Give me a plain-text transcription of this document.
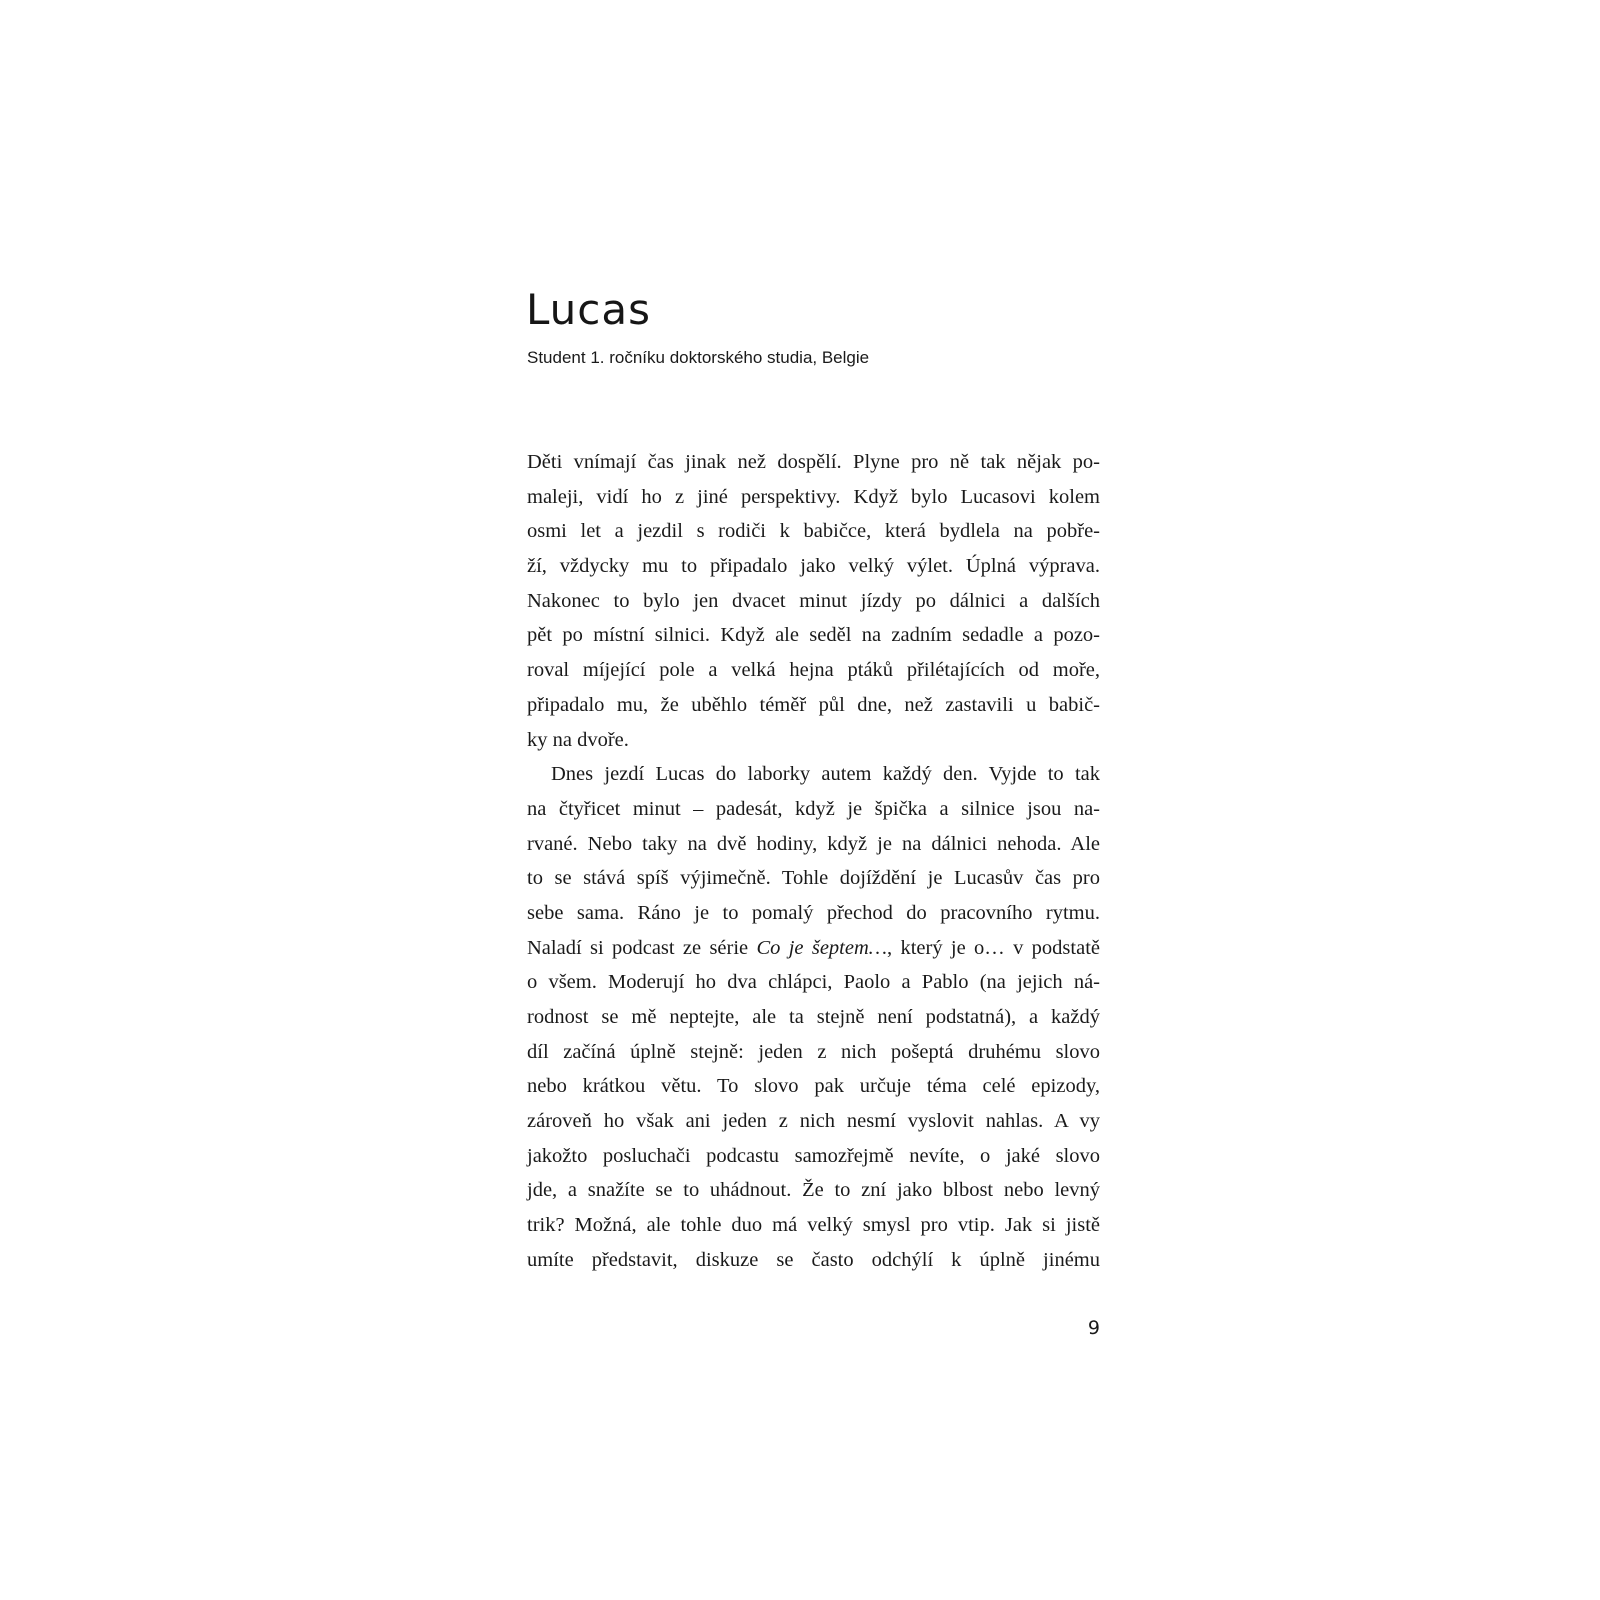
Lucas

Student 1. ročníku doktorského studia, Belgie

Děti vnímají čas jinak než dospělí. Plyne pro ně tak nějak po-
maleji, vidí ho z jiné perspektivy. Když bylo Lucasovi kolem
osmi let a jezdil s rodiči k babičce, která bydlela na pobře-
ží, vždycky mu to připadalo jako velký výlet. Úplná výprava.
Nakonec to bylo jen dvacet minut jízdy po dálnici a dalších
pět po místní silnici. Když ale seděl na zadním sedadle a pozo-
roval míjející pole a velká hejna ptáků přilétajících od moře,
připadalo mu, že uběhlo téměř půl dne, než zastavili u babič-
ky na dvoře.

Dnes jezdí Lucas do laborky autem každý den. Vyjde to tak
na čtyřicet minut – padesát, když je špička a silnice jsou na-
rvané. Nebo taky na dvě hodiny, když je na dálnici nehoda. Ale
to se stává spíš výjimečně. Tohle dojíždění je Lucasův čas pro
sebe sama. Ráno je to pomalý přechod do pracovního rytmu.
Naladí si podcast ze série Co je šeptem…, který je o… v podstatě
o všem. Moderují ho dva chlápci, Paolo a Pablo (na jejich ná-
rodnost se mě neptejte, ale ta stejně není podstatná), a každý
díl začíná úplně stejně: jeden z nich pošeptá druhému slovo
nebo krátkou větu. To slovo pak určuje téma celé epizody,
zároveň ho však ani jeden z nich nesmí vyslovit nahlas. A vy
jakožto posluchači podcastu samozřejmě nevíte, o jaké slovo
jde, a snažíte se to uhádnout. Že to zní jako blbost nebo levný
trik? Možná, ale tohle duo má velký smysl pro vtip. Jak si jistě
umíte představit, diskuze se často odchýlí k úplně jinému

9
